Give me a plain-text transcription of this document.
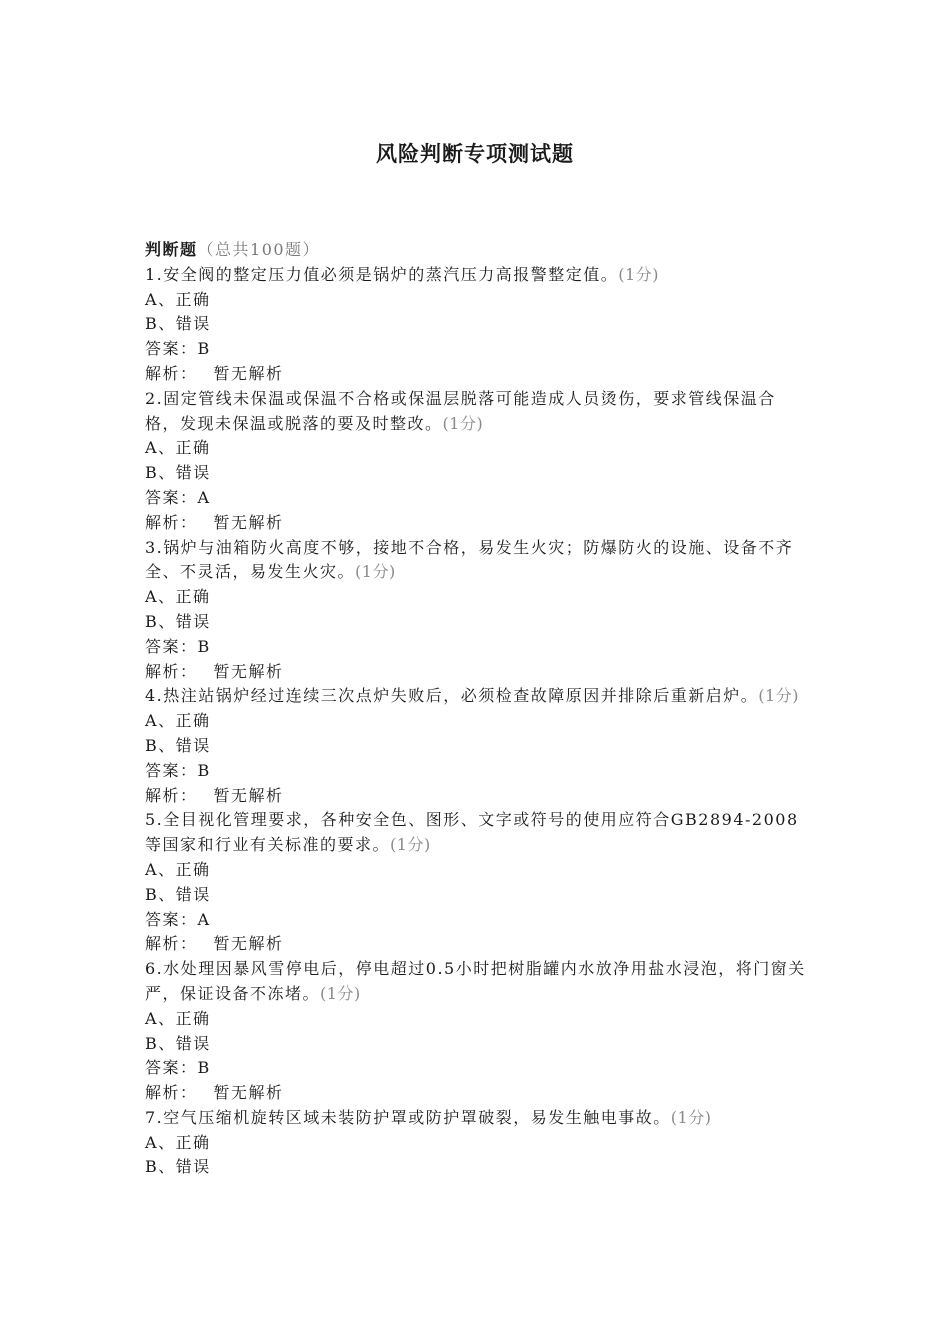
风险判断专项测试题

判断题（总共100题）

1.安全阀的整定压力值必须是锅炉的蒸汽压力高报警整定值。(1分)

A、正确

B、错误

答案：B

解析： 暂无解析

2.固定管线未保温或保温不合格或保温层脱落可能造成人员烫伤，要求管线保温合格，发现未保温或脱落的要及时整改。(1分)

A、正确

B、错误

答案：A

解析： 暂无解析

3.锅炉与油箱防火高度不够，接地不合格，易发生火灾；防爆防火的设施、设备不齐全、不灵活，易发生火灾。(1分)

A、正确

B、错误

答案：B

解析： 暂无解析

4.热注站锅炉经过连续三次点炉失败后，必须检查故障原因并排除后重新启炉。(1分)

A、正确

B、错误

答案：B

解析： 暂无解析

5.全目视化管理要求，各种安全色、图形、文字或符号的使用应符合GB2894-2008等国家和行业有关标准的要求。(1分)

A、正确

B、错误

答案：A

解析： 暂无解析

6.水处理因暴风雪停电后，停电超过0.5小时把树脂罐内水放净用盐水浸泡，将门窗关严，保证设备不冻堵。(1分)

A、正确

B、错误

答案：B

解析： 暂无解析

7.空气压缩机旋转区域未装防护罩或防护罩破裂，易发生触电事故。(1分)

A、正确

B、错误
